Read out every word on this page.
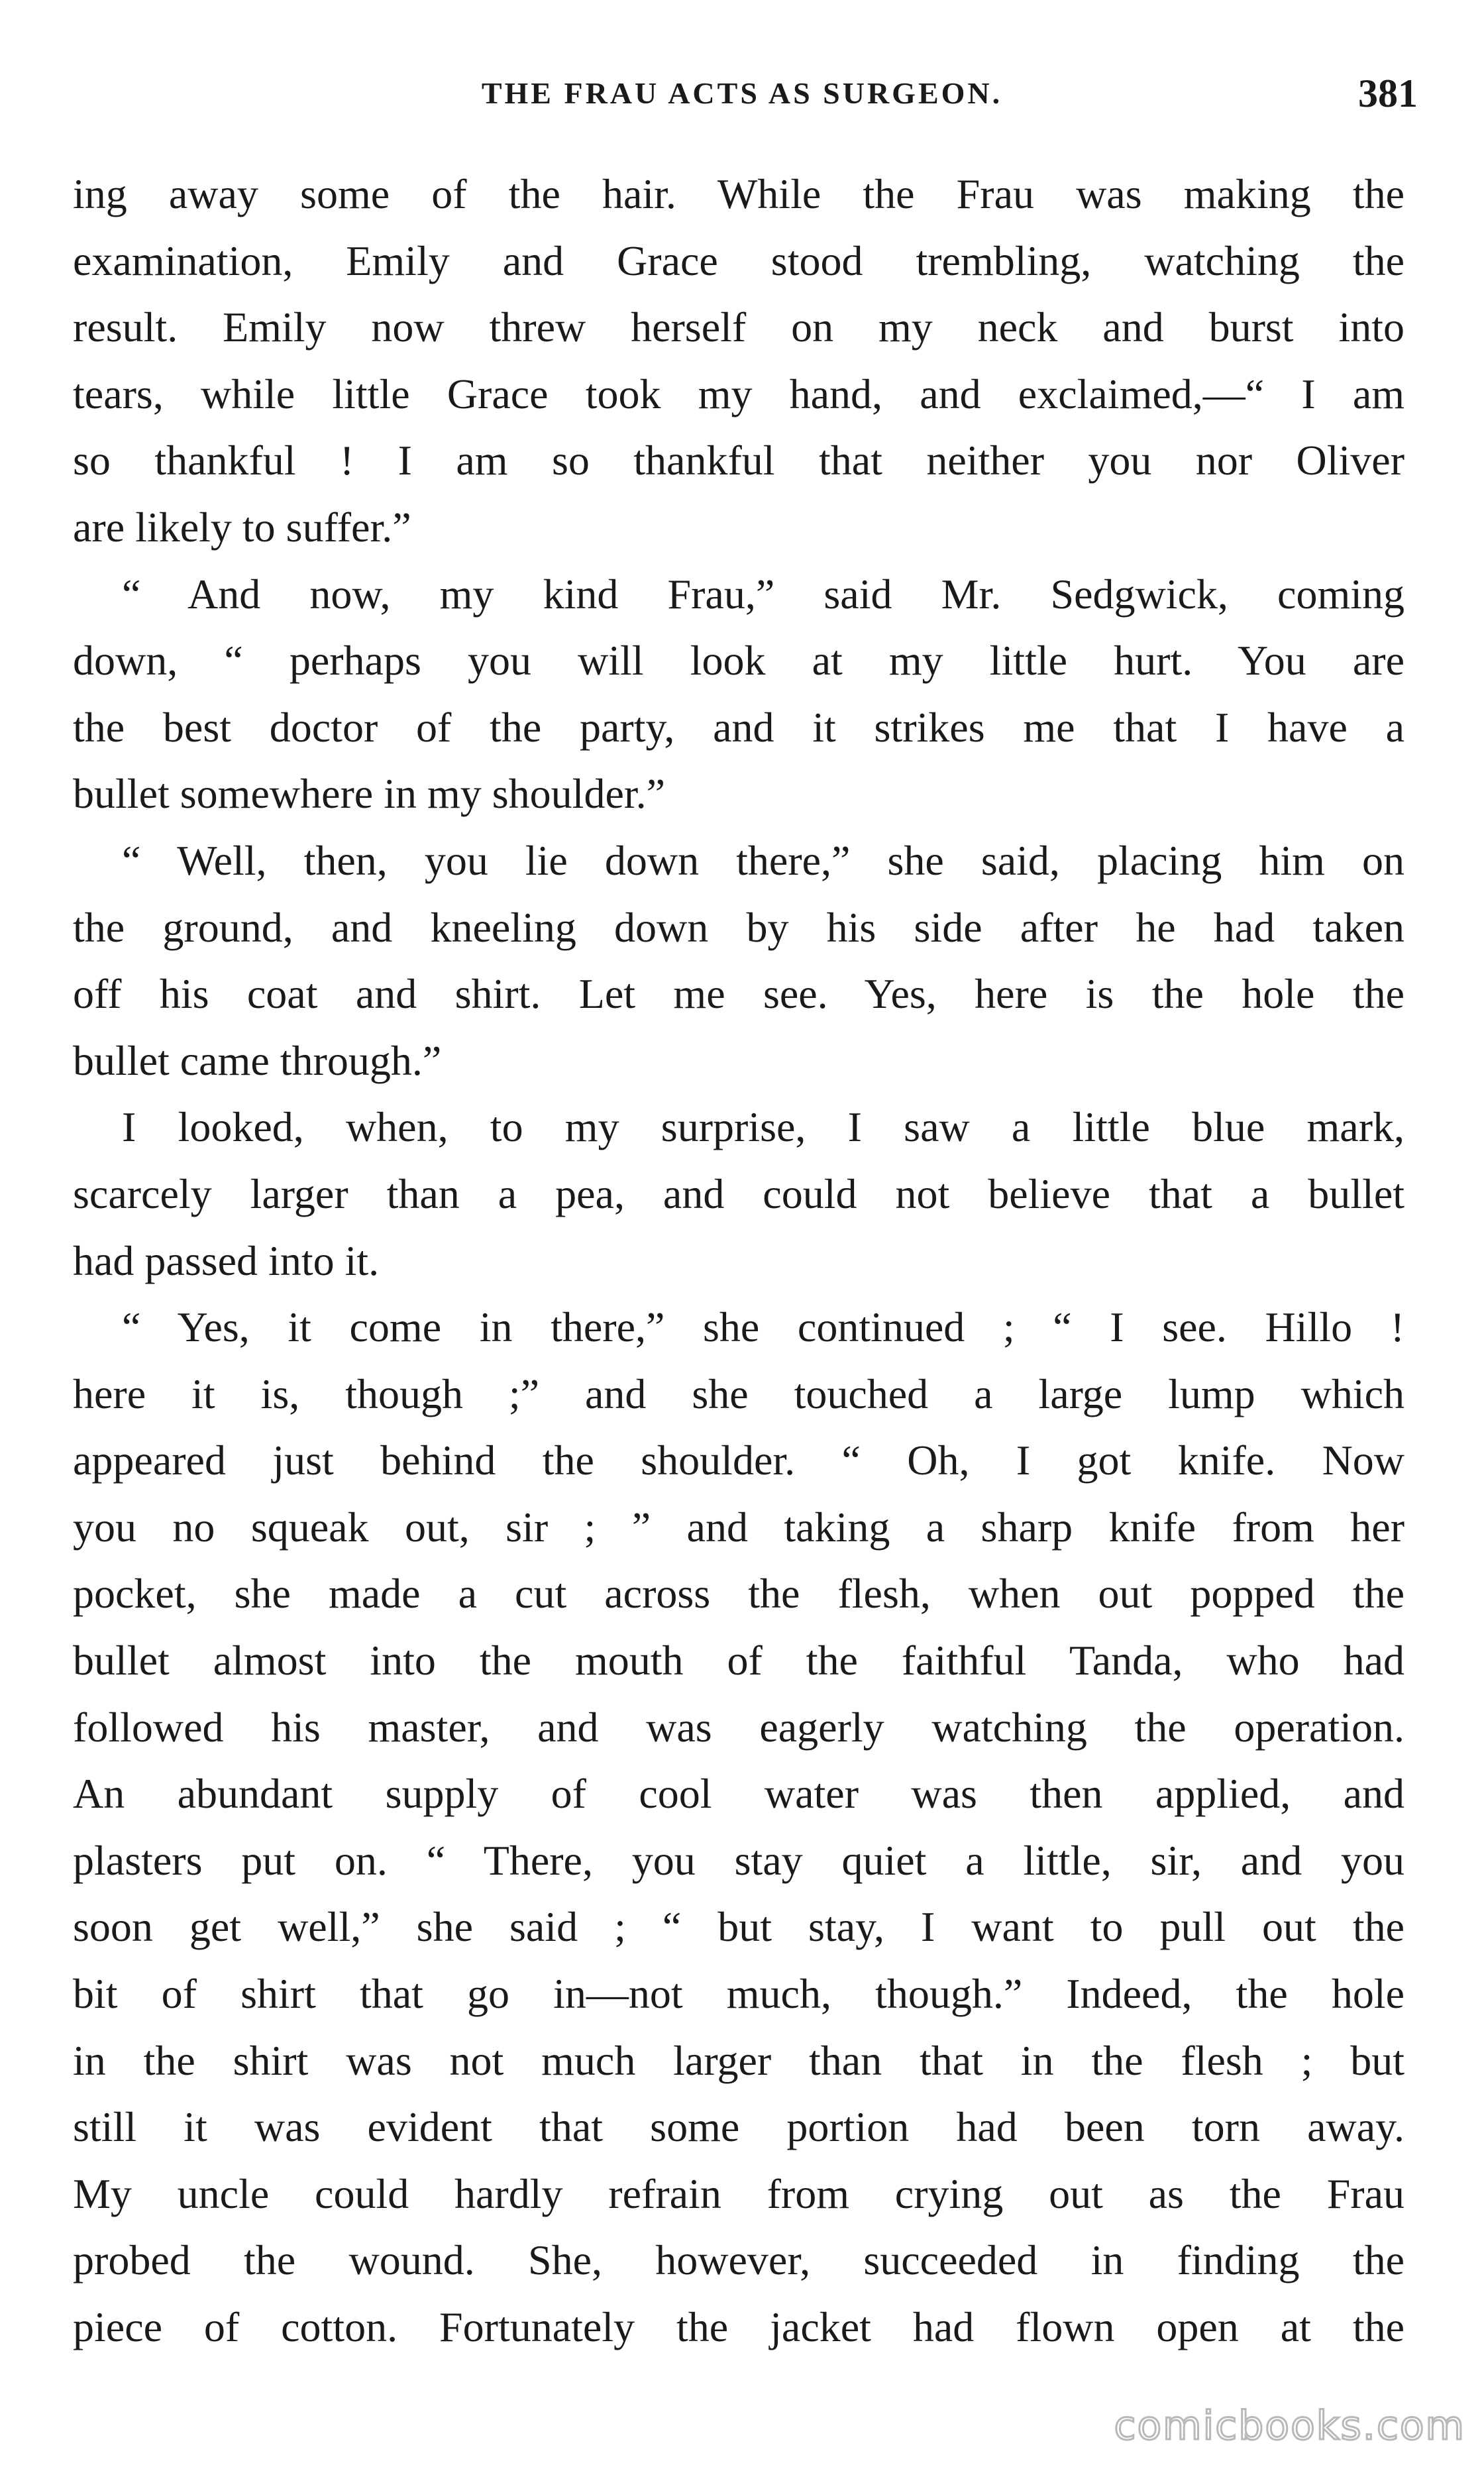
THE FRAU ACTS AS SURGEON.	381
ing away some of the hair. While the Frau was making the
examination, Emily and Grace stood trembling, watching the
result. Emily now threw herself on my neck and burst into
tears, while little Grace took my hand, and exclaimed,—“ I am
so thankful ! I am so thankful that neither you nor Oliver
are likely to suffer.”
“ And now, my kind Frau,” said Mr. Sedgwick, coming
down, “ perhaps you will look at my little hurt. You are
the best doctor of the party, and it strikes me that I have a
bullet somewhere in my shoulder.”
“ Well, then, you lie down there,” she said, placing him on
the ground, and kneeling down by his side after he had taken
off his coat and shirt. Let me see. Yes, here is the hole the
bullet came through.”
I looked, when, to my surprise, I saw a little blue mark,
scarcely larger than a pea, and could not believe that a bullet
had passed into it.
“ Yes, it come in there,” she continued ; “ I see. Hillo !
here it is, though ;” and she touched a large lump which
appeared just behind the shoulder. “ Oh, I got knife. Now
you no squeak out, sir ; ” and taking a sharp knife from her
pocket, she made a cut across the flesh, when out popped the
bullet almost into the mouth of the faithful Tanda, who had
followed his master, and was eagerly watching the operation.
An abundant supply of cool water was then applied, and
plasters put on. “ There, you stay quiet a little, sir, and you
soon get well,” she said ; “ but stay, I want to pull out the
bit of shirt that go in—not much, though.” Indeed, the hole
in the shirt was not much larger than that in the flesh ; but
still it was evident that some portion had been torn away.
My uncle could hardly refrain from crying out as the Frau
probed the wound. She, however, succeeded in finding the
piece of cotton. Fortunately the jacket had flown open at the
comicbooks.com
